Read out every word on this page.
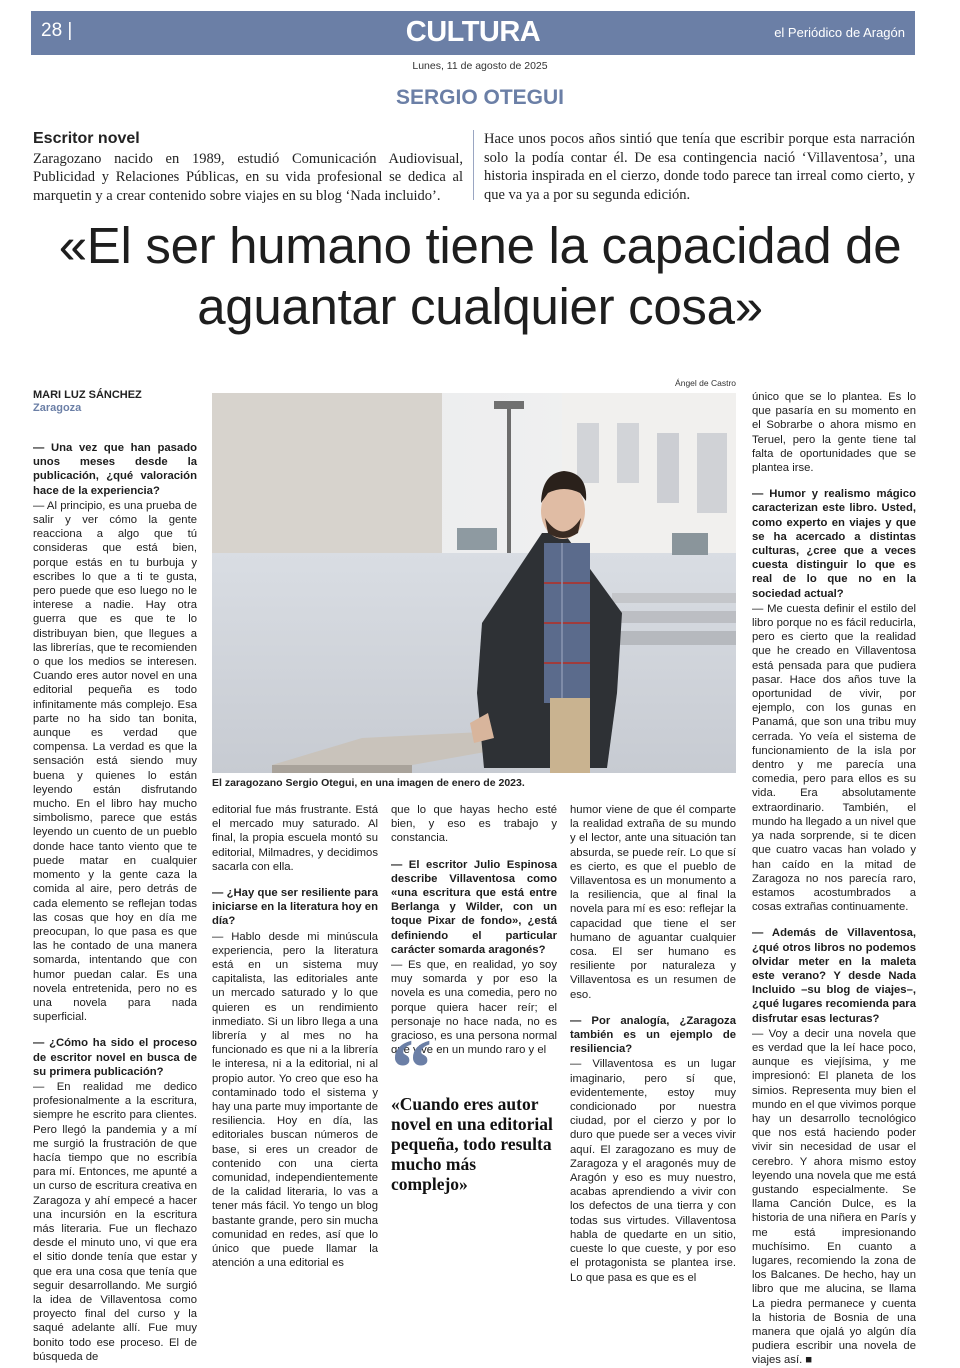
28 |	CULTURA	el Periódico de Aragón
Lunes, 11 de agosto de 2025
SERGIO OTEGUI
Escritor novel
Zaragozano nacido en 1989, estudió Comunicación Audiovisual, Publicidad y Relaciones Públicas, en su vida profesional se dedica al marquetin y a crear contenido sobre viajes en su blog ‘Nada incluido’.
Hace unos pocos años sintió que tenía que escribir porque esta narración solo la podía contar él. De esa contingencia nació ‘Villaventosa’, una historia inspirada en el cierzo, donde todo parece tan irreal como cierto, y que va ya a por su segunda edición.
«El ser humano tiene la capacidad de aguantar cualquier cosa»
MARI LUZ SÁNCHEZ
Zaragoza
Ángel de Castro
El zaragozano Sergio Otegui, en una imagen de enero de 2023.

— Una vez que han pasado unos meses desde la publicación, ¿qué valoración hace de la experiencia?

— Al principio, es una prueba de salir y ver cómo la gente reacciona a algo que tú consideras que está bien, porque estás en tu burbuja y escribes lo que a ti te gusta, pero puede que eso luego no le interese a nadie. Hay otra guerra que es que te lo distribuyan bien, que llegues a las librerías, que te recomienden o que los medios se interesen. Cuando eres autor novel en una editorial pequeña es todo infinitamente más complejo. Esa parte no ha sido tan bonita, aunque es verdad que compensa. La verdad es que la sensación está siendo muy buena y quienes lo están leyendo están disfrutando mucho. En el libro hay mucho simbolismo, parece que estás leyendo un cuento de un pueblo donde hace tanto viento que te puede matar en cualquier momento y la gente caza la comida al aire, pero detrás de cada elemento se reflejan todas las cosas que hoy en día me preocupan, lo que pasa es que las he contado de una manera somarda, intentando que con humor puedan calar. Es una novela entretenida, pero no es una novela para nada superficial.

— ¿Cómo ha sido el proceso de escritor novel en busca de su primera publicación?

— En realidad me dedico profesionalmente a la escritura, siempre he escrito para clientes. Pero llegó la pandemia y a mí me surgió la frustración de que hacía tiempo que no escribía para mí. Entonces, me apunté a un curso de escritura creativa en Zaragoza y ahí empecé a hacer una incursión en la escritura más literaria. Fue un flechazo desde el minuto uno, vi que era el sitio donde tenía que estar y que era una cosa que tenía que seguir desarrollando. Me surgió la idea de Villaventosa como proyecto final del curso y la saqué adelante allí. Fue muy bonito todo ese proceso. El de búsqueda de

editorial fue más frustrante. Está el mercado muy saturado. Al final, la propia escuela montó su editorial, Milmadres, y decidimos sacarla con ella.

— ¿Hay que ser resiliente para iniciarse en la literatura hoy en día?

— Hablo desde mi minúscula experiencia, pero la literatura está en un sistema muy capitalista, las editoriales ante un mercado saturado y lo que quieren es un rendimiento inmediato. Si un libro llega a una librería y al mes no ha funcionado es que ni a la librería le interesa, ni a la editorial, ni al propio autor. Yo creo que eso ha contaminado todo el sistema y hay una parte muy importante de resiliencia. Hoy en día, las editoriales buscan números de base, si eres un creador de contenido con una cierta comunidad, independientemente de la calidad literaria, lo vas a tener más fácil. Yo tengo un blog bastante grande, pero sin mucha comunidad en redes, así que lo único que puede llamar la atención a una editorial es

que lo que hayas hecho esté bien, y eso es trabajo y constancia.

— El escritor Julio Espinosa describe Villaventosa como «una escritura que está entre Berlanga y Wilder, con un toque Pixar de fondo», ¿está definiendo el particular carácter somarda aragonés?

— Es que, en realidad, yo soy muy somarda y por eso la novela es una comedia, pero no porque quiera hacer reír; el personaje no hace nada, no es gracioso, es una persona normal que vive en un mundo raro y el

“
«Cuando eres autor novel en una editorial pequeña, todo resulta mucho más complejo»

humor viene de que él comparte la realidad extraña de su mundo y el lector, ante una situación tan absurda, se puede reír. Lo que sí es cierto, es que el pueblo de Villaventosa es un monumento a la resiliencia, que al final la novela para mí es eso: reflejar la capacidad que tiene el ser humano de aguantar cualquier cosa. El ser humano es resiliente por naturaleza y Villaventosa es un resumen de eso.

— Por analogía, ¿Zaragoza también es un ejemplo de resiliencia?

— Villaventosa es un lugar imaginario, pero sí que, evidentemente, estoy muy condicionado por nuestra ciudad, por el cierzo y por lo duro que puede ser a veces vivir aquí. El zaragozano es muy de Zaragoza y el aragonés muy de Aragón y eso es muy nuestro, acabas aprendiendo a vivir con los defectos de una tierra y con todas sus virtudes. Villaventosa habla de quedarte en un sitio, cueste lo que cueste, y por eso el protagonista se plantea irse. Lo que pasa es que es el

único que se lo plantea. Es lo que pasaría en su momento en el Sobrarbe o ahora mismo en Teruel, pero la gente tiene tal falta de oportunidades que se plantea irse.

— Humor y realismo mágico caracterizan este libro. Usted, como experto en viajes y que se ha acercado a distintas culturas, ¿cree que a veces cuesta distinguir lo que es real de lo que no en la sociedad actual?

— Me cuesta definir el estilo del libro porque no es fácil reducirla, pero es cierto que la realidad que he creado en Villaventosa está pensada para que pudiera pasar. Hace dos años tuve la oportunidad de vivir, por ejemplo, con los gunas en Panamá, que son una tribu muy cerrada. Yo veía el sistema de funcionamiento de la isla por dentro y me parecía una comedia, pero para ellos es su vida. Era absolutamente extraordinario. También, el mundo ha llegado a un nivel que ya nada sorprende, si te dicen que cuatro vacas han volado y han caído en la mitad de Zaragoza no nos parecía raro, estamos acostumbrados a cosas extrañas continuamente.

— Además de Villaventosa, ¿qué otros libros no podemos olvidar meter en la maleta este verano? Y desde Nada Incluido –su blog de viajes–, ¿qué lugares recomienda para disfrutar esas lecturas?

— Voy a decir una novela que es verdad que la leí hace poco, aunque es viejísima, y me impresionó: El planeta de los simios. Representa muy bien el mundo en el que vivimos porque hay un desarrollo tecnológico que nos está haciendo poder vivir sin necesidad de usar el cerebro. Y ahora mismo estoy leyendo una novela que me está gustando especialmente. Se llama Canción Dulce, es la historia de una niñera en París y me está impresionando muchísimo. En cuanto a lugares, recomiendo la zona de los Balcanes. De hecho, hay un libro que me alucina, se llama La piedra permanece y cuenta la historia de Bosnia de una manera que ojalá yo algún día pudiera escribir una novela de viajes así. ■
